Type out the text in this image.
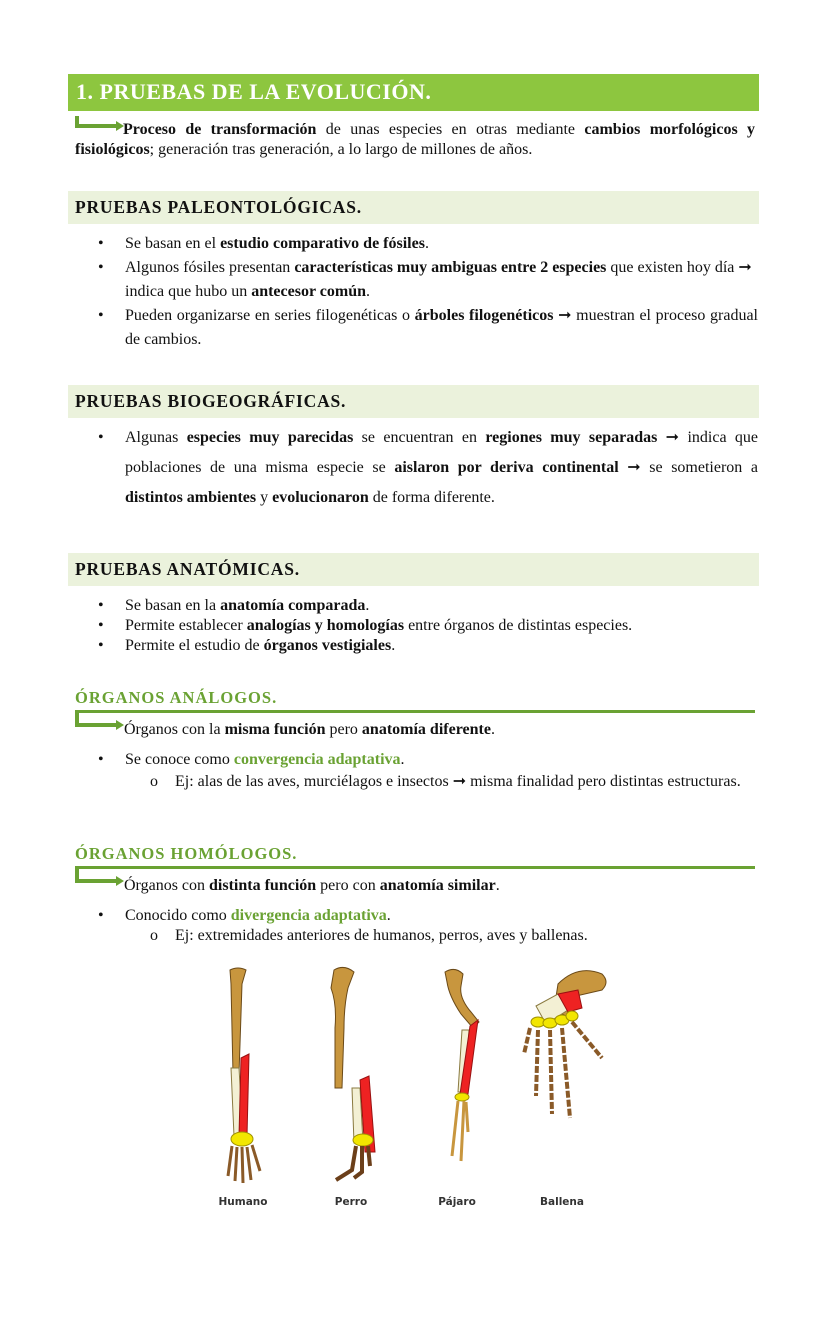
1. PRUEBAS DE LA EVOLUCIÓN.
Proceso de transformación de unas especies en otras mediante cambios morfológicos y fisiológicos; generación tras generación, a lo largo de millones de años.
PRUEBAS PALEONTOLÓGICAS.
• Se basan en el estudio comparativo de fósiles.
• Algunos fósiles presentan características muy ambiguas entre 2 especies que existen hoy día ➞ indica que hubo un antecesor común.
• Pueden organizarse en series filogenéticas o árboles filogenéticos ➞ muestran el proceso gradual de cambios.
PRUEBAS BIOGEOGRÁFICAS.
• Algunas especies muy parecidas se encuentran en regiones muy separadas ➞ indica que poblaciones de una misma especie se aislaron por deriva continental ➞ se sometieron a distintos ambientes y evolucionaron de forma diferente.
PRUEBAS ANATÓMICAS.
• Se basan en la anatomía comparada.
• Permite establecer analogías y homologías entre órganos de distintas especies.
• Permite el estudio de órganos vestigiales.
ÓRGANOS ANÁLOGOS.
Órganos con la misma función pero anatomía diferente.
• Se conoce como convergencia adaptativa.
o Ej: alas de las aves, murciélagos e insectos ➞ misma finalidad pero distintas estructuras.
ÓRGANOS HOMÓLOGOS.
Órganos con distinta función pero con anatomía similar.
• Conocido como divergencia adaptativa.
o Ej: extremidades anteriores de humanos, perros, aves y ballenas.
Humano	Perro	Pájaro	Ballena
